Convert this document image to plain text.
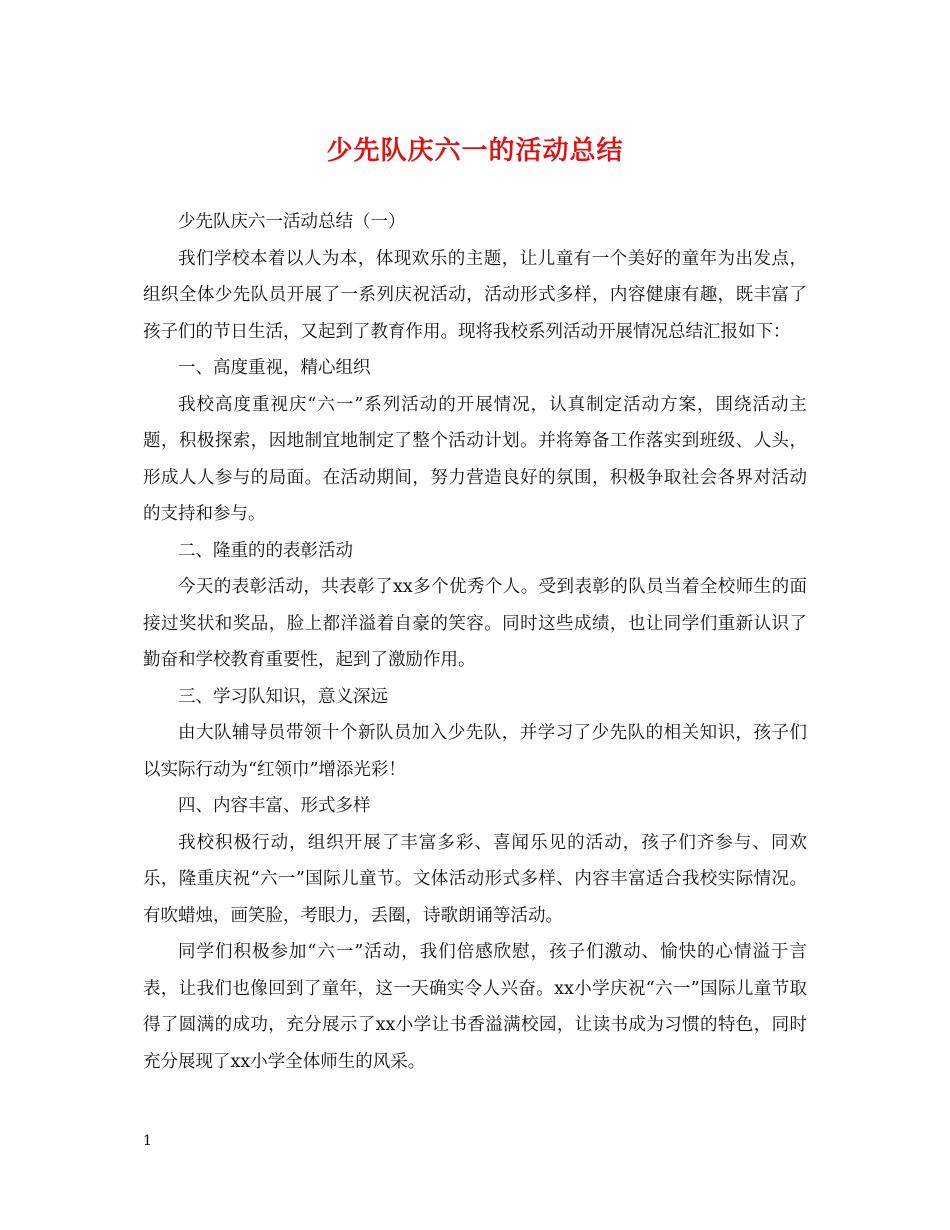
少先队庆六一的活动总结

少先队庆六一活动总结（一）

我们学校本着以人为本，体现欢乐的主题，让儿童有一个美好的童年为出发点，组织全体少先队员开展了一系列庆祝活动，活动形式多样，内容健康有趣，既丰富了孩子们的节日生活，又起到了教育作用。现将我校系列活动开展情况总结汇报如下：

一、高度重视，精心组织

我校高度重视庆“六一”系列活动的开展情况，认真制定活动方案，围绕活动主题，积极探索，因地制宜地制定了整个活动计划。并将筹备工作落实到班级、人头，形成人人参与的局面。在活动期间，努力营造良好的氛围，积极争取社会各界对活动的支持和参与。

二、隆重的的表彰活动

今天的表彰活动，共表彰了xx多个优秀个人。受到表彰的队员当着全校师生的面接过奖状和奖品，脸上都洋溢着自豪的笑容。同时这些成绩，也让同学们重新认识了勤奋和学校教育重要性，起到了激励作用。

三、学习队知识，意义深远

由大队辅导员带领十个新队员加入少先队，并学习了少先队的相关知识，孩子们以实际行动为“红领巾”增添光彩！

四、内容丰富、形式多样

我校积极行动，组织开展了丰富多彩、喜闻乐见的活动，孩子们齐参与、同欢乐，隆重庆祝“六一”国际儿童节。文体活动形式多样、内容丰富适合我校实际情况。有吹蜡烛，画笑脸，考眼力，丢圈，诗歌朗诵等活动。

同学们积极参加“六一”活动，我们倍感欣慰，孩子们激动、愉快的心情溢于言表，让我们也像回到了童年，这一天确实令人兴奋。xx小学庆祝“六一”国际儿童节取得了圆满的成功，充分展示了xx小学让书香溢满校园，让读书成为习惯的特色，同时充分展现了xx小学全体师生的风采。

1
